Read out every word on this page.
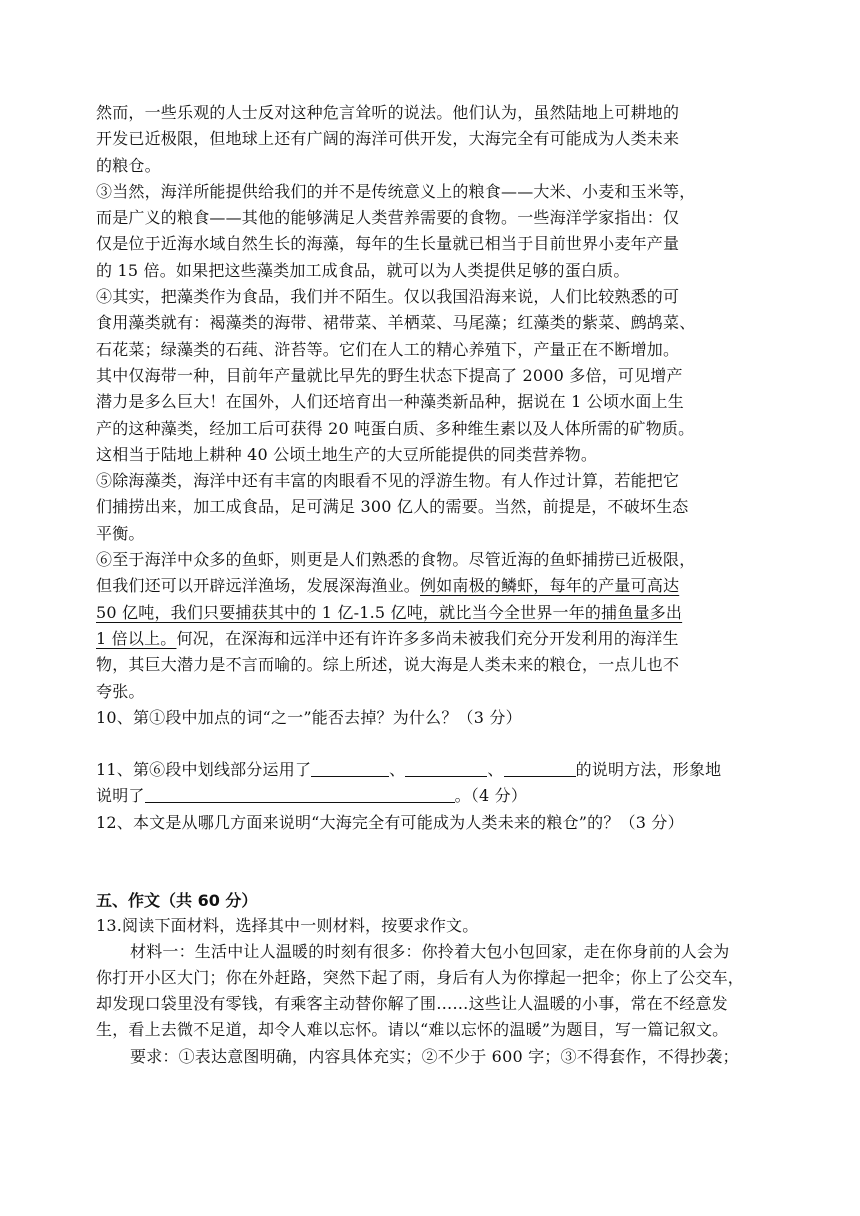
然而，一些乐观的人士反对这种危言耸听的说法。他们认为，虽然陆地上可耕地的
开发已近极限，但地球上还有广阔的海洋可供开发，大海完全有可能成为人类未来
的粮仓。
③当然，海洋所能提供给我们的并不是传统意义上的粮食——大米、小麦和玉米等，
而是广义的粮食——其他的能够满足人类营养需要的食物。一些海洋学家指出：仅
仅是位于近海水域自然生长的海藻，每年的生长量就已相当于目前世界小麦年产量
的 15 倍。如果把这些藻类加工成食品，就可以为人类提供足够的蛋白质。
④其实，把藻类作为食品，我们并不陌生。仅以我国沿海来说，人们比较熟悉的可
食用藻类就有：褐藻类的海带、裙带菜、羊栖菜、马尾藻；红藻类的紫菜、鹧鸪菜、
石花菜；绿藻类的石莼、浒苔等。它们在人工的精心养殖下，产量正在不断增加。
其中仅海带一种，目前年产量就比早先的野生状态下提高了 2000 多倍，可见增产
潜力是多么巨大！在国外，人们还培育出一种藻类新品种，据说在 1 公顷水面上生
产的这种藻类，经加工后可获得 20 吨蛋白质、多种维生素以及人体所需的矿物质。
这相当于陆地上耕种 40 公顷土地生产的大豆所能提供的同类营养物。
⑤除海藻类，海洋中还有丰富的肉眼看不见的浮游生物。有人作过计算，若能把它
们捕捞出来，加工成食品，足可满足 300 亿人的需要。当然，前提是，不破坏生态
平衡。
⑥至于海洋中众多的鱼虾，则更是人们熟悉的食物。尽管近海的鱼虾捕捞已近极限，
但我们还可以开辟远洋渔场，发展深海渔业。例如南极的鳞虾，每年的产量可高达
50 亿吨，我们只要捕获其中的 1 亿-1.5 亿吨，就比当今全世界一年的捕鱼量多出
1 倍以上。何况，在深海和远洋中还有许许多多尚未被我们充分开发利用的海洋生
物，其巨大潜力是不言而喻的。综上所述，说大海是人类未来的粮仓，一点儿也不
夸张。
10、第①段中加点的词“之一”能否去掉？为什么？（3 分）
11、第⑥段中划线部分运用了	、	、	的说明方法，形象地
说明了	。（4 分）
12、本文是从哪几方面来说明“大海完全有可能成为人类未来的粮仓”的？（3 分）
五、作文（共 60 分）
13.阅读下面材料，选择其中一则材料，按要求作文。
材料一：生活中让人温暖的时刻有很多：你拎着大包小包回家，走在你身前的人会为
你打开小区大门；你在外赶路，突然下起了雨，身后有人为你撑起一把伞；你上了公交车，
却发现口袋里没有零钱，有乘客主动替你解了围……这些让人温暖的小事，常在不经意发
生，看上去微不足道，却令人难以忘怀。请以“难以忘怀的温暖”为题目，写一篇记叙文。
要求：①表达意图明确，内容具体充实；②不少于 600 字；③不得套作，不得抄袭；
